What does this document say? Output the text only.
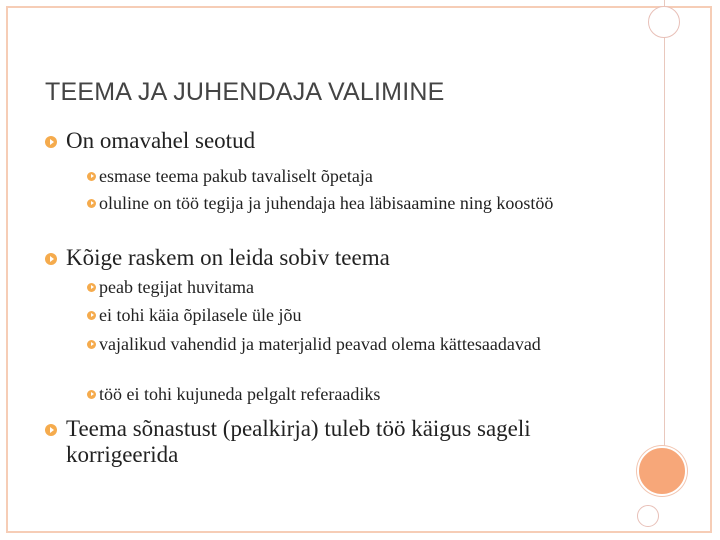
TEEMA JA JUHENDAJA VALIMINE
On omavahel seotud
esmase teema pakub tavaliselt õpetaja
oluline on töö tegija ja juhendaja hea läbisaamine ning koostöö
Kõige raskem on leida sobiv teema
peab tegijat huvitama
ei tohi käia õpilasele üle jõu
vajalikud vahendid ja materjalid peavad olema kättesaadavad
töö ei tohi kujuneda pelgalt referaadiks
Teema sõnastust (pealkirja) tuleb töö käigus sageli korrigeerida
